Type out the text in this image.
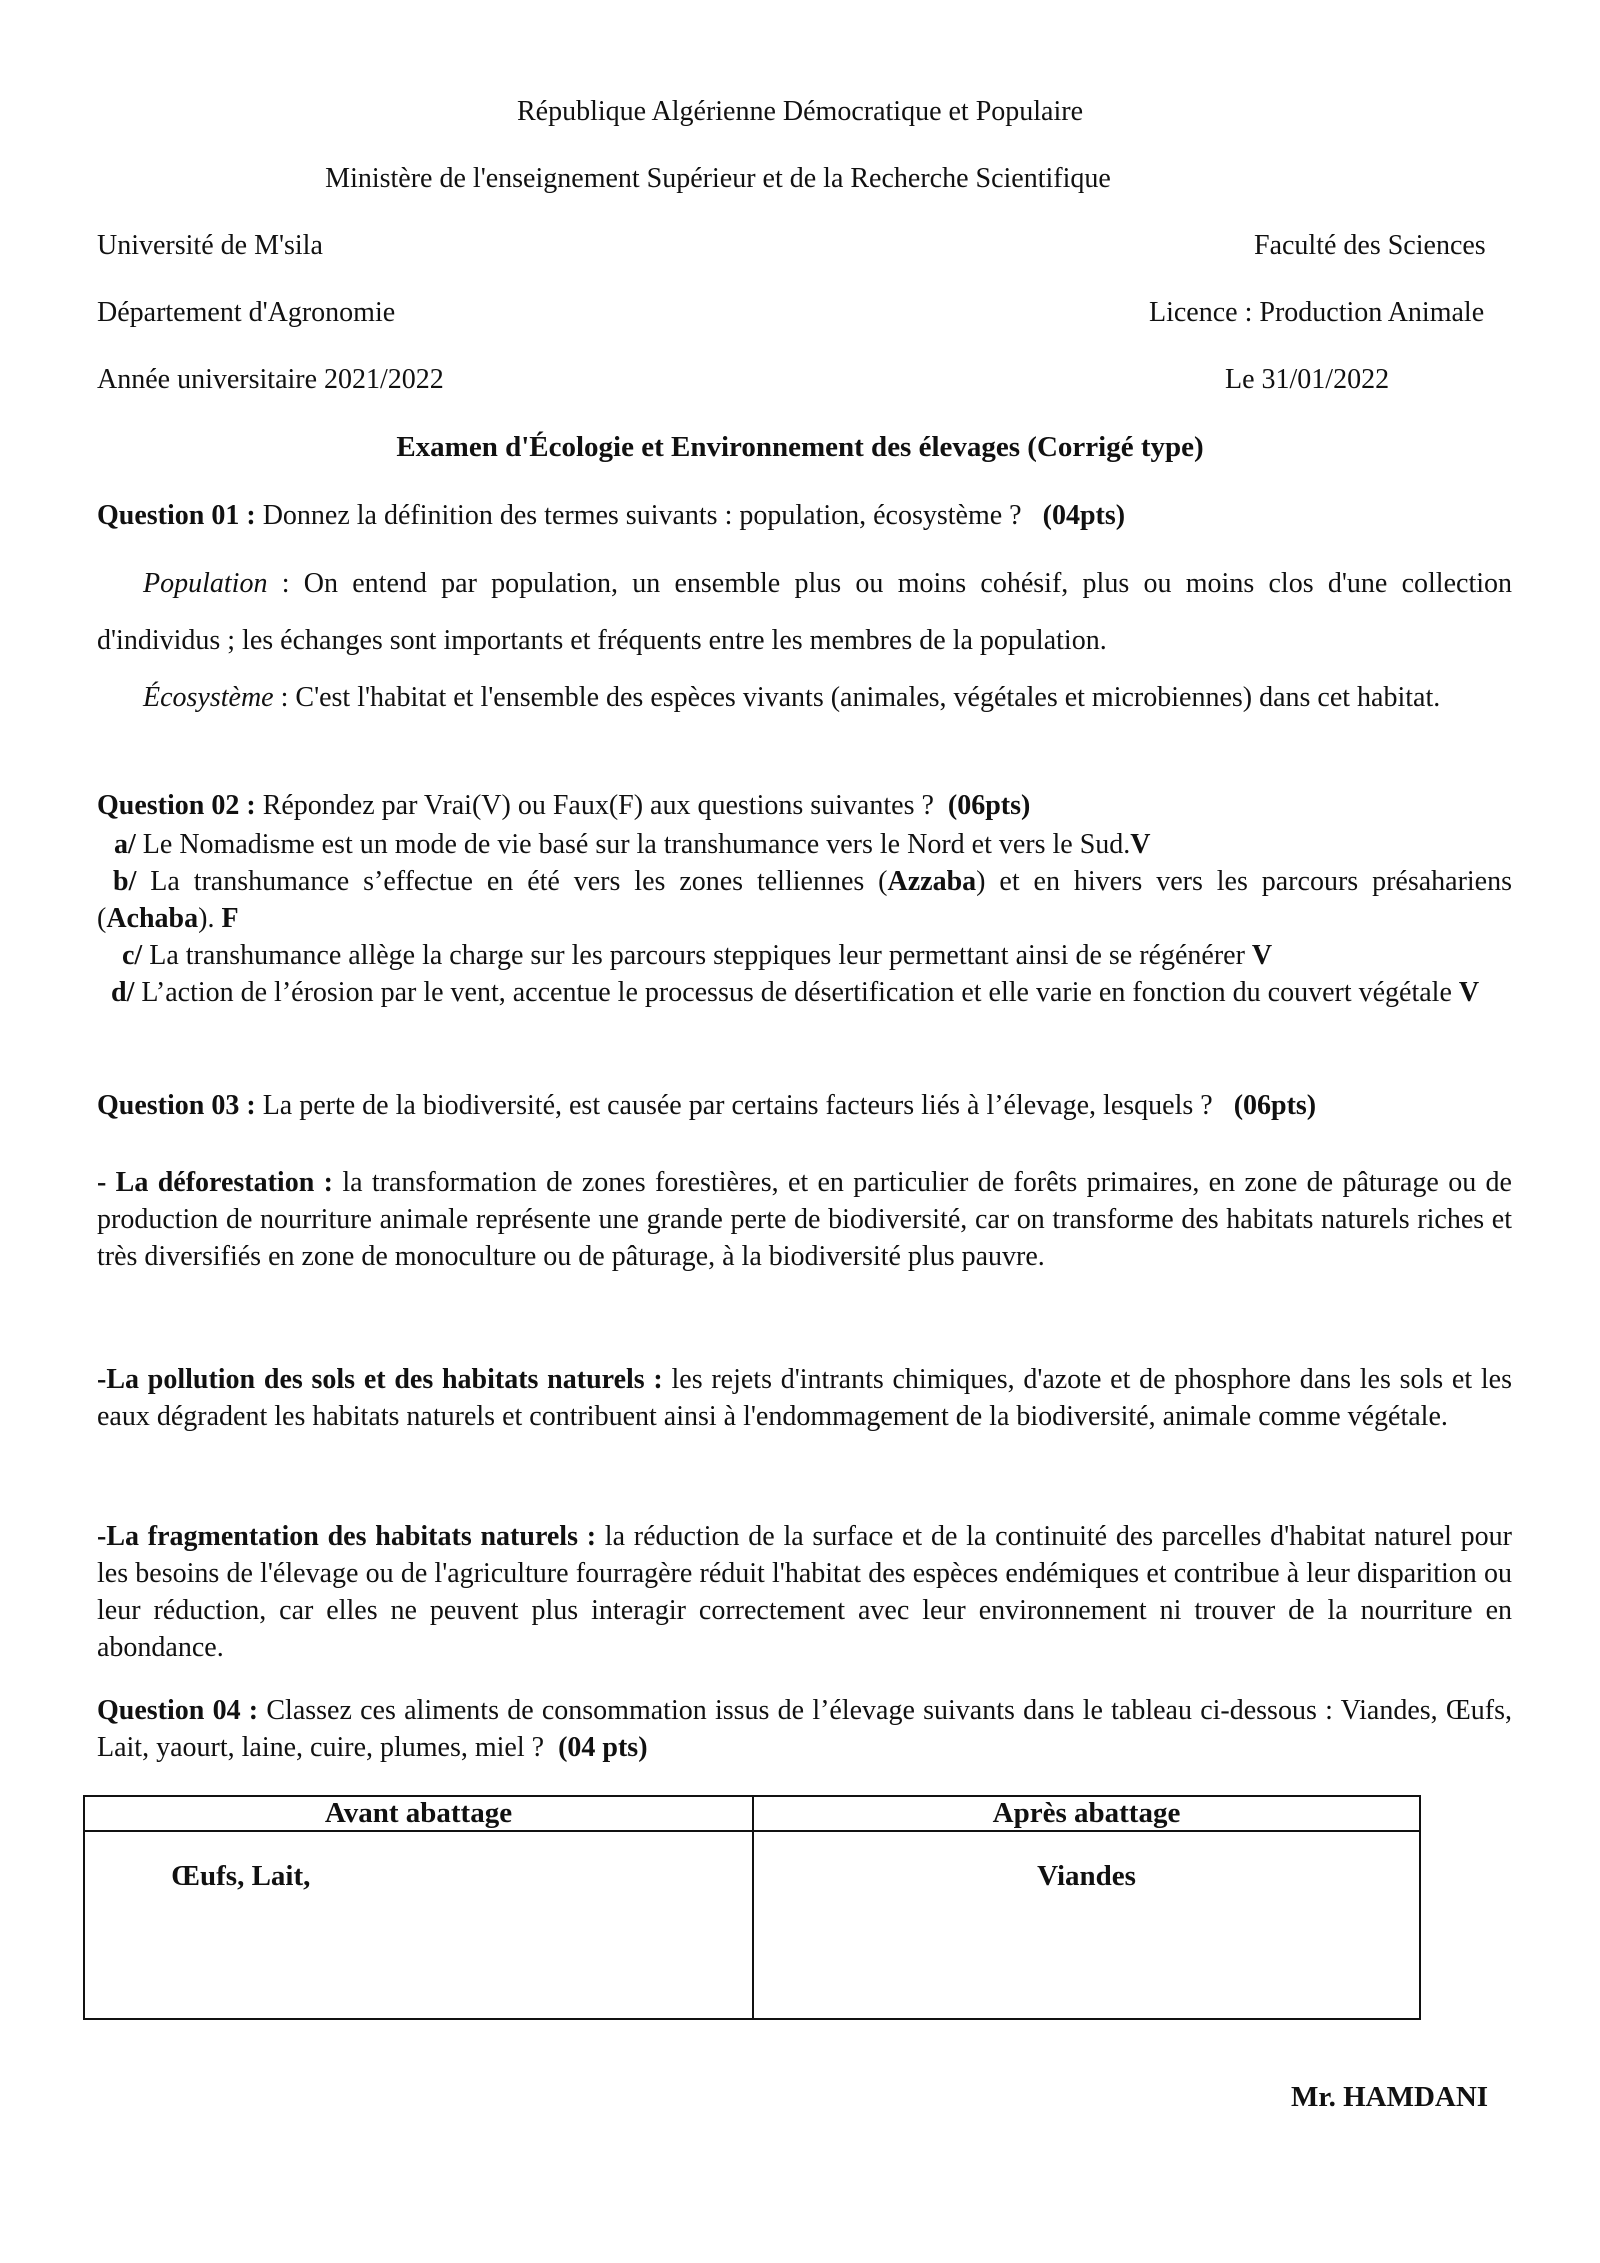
République Algérienne Démocratique et Populaire
Ministère de l'enseignement Supérieur et de la Recherche Scientifique
Université de M'sila	Faculté des Sciences
Département d'Agronomie	Licence : Production Animale
Année universitaire 2021/2022	Le 31/01/2022
Examen d'Écologie et Environnement des élevages (Corrigé type)
Question 01 : Donnez la définition des termes suivants : population, écosystème ? (04pts)
Population : On entend par population, un ensemble plus ou moins cohésif, plus ou moins clos d'une collection d'individus ; les échanges sont importants et fréquents entre les membres de la population.
Écosystème : C'est l'habitat et l'ensemble des espèces vivants (animales, végétales et microbiennes) dans cet habitat.
Question 02 : Répondez par Vrai(V) ou Faux(F) aux questions suivantes ? (06pts)
a/ Le Nomadisme est un mode de vie basé sur la transhumance vers le Nord et vers le Sud.V
b/ La transhumance s’effectue en été vers les zones telliennes (Azzaba) et en hivers vers les parcours présahariens (Achaba). F
c/ La transhumance allège la charge sur les parcours steppiques leur permettant ainsi de se régénérer V
d/ L’action de l’érosion par le vent, accentue le processus de désertification et elle varie en fonction du couvert végétale V
Question 03 : La perte de la biodiversité, est causée par certains facteurs liés à l’élevage, lesquels ? (06pts)
- La déforestation : la transformation de zones forestières, et en particulier de forêts primaires, en zone de pâturage ou de production de nourriture animale représente une grande perte de biodiversité, car on transforme des habitats naturels riches et très diversifiés en zone de monoculture ou de pâturage, à la biodiversité plus pauvre.
-La pollution des sols et des habitats naturels : les rejets d'intrants chimiques, d'azote et de phosphore dans les sols et les eaux dégradent les habitats naturels et contribuent ainsi à l'endommagement de la biodiversité, animale comme végétale.
-La fragmentation des habitats naturels : la réduction de la surface et de la continuité des parcelles d'habitat naturel pour les besoins de l'élevage ou de l'agriculture fourragère réduit l'habitat des espèces endémiques et contribue à leur disparition ou leur réduction, car elles ne peuvent plus interagir correctement avec leur environnement ni trouver de la nourriture en abondance.
Question 04 : Classez ces aliments de consommation issus de l’élevage suivants dans le tableau ci-dessous : Viandes, Œufs, Lait, yaourt, laine, cuire, plumes, miel ? (04 pts)
Avant abattage	Après abattage
Œufs, Lait,	Viandes
Mr. HAMDANI
